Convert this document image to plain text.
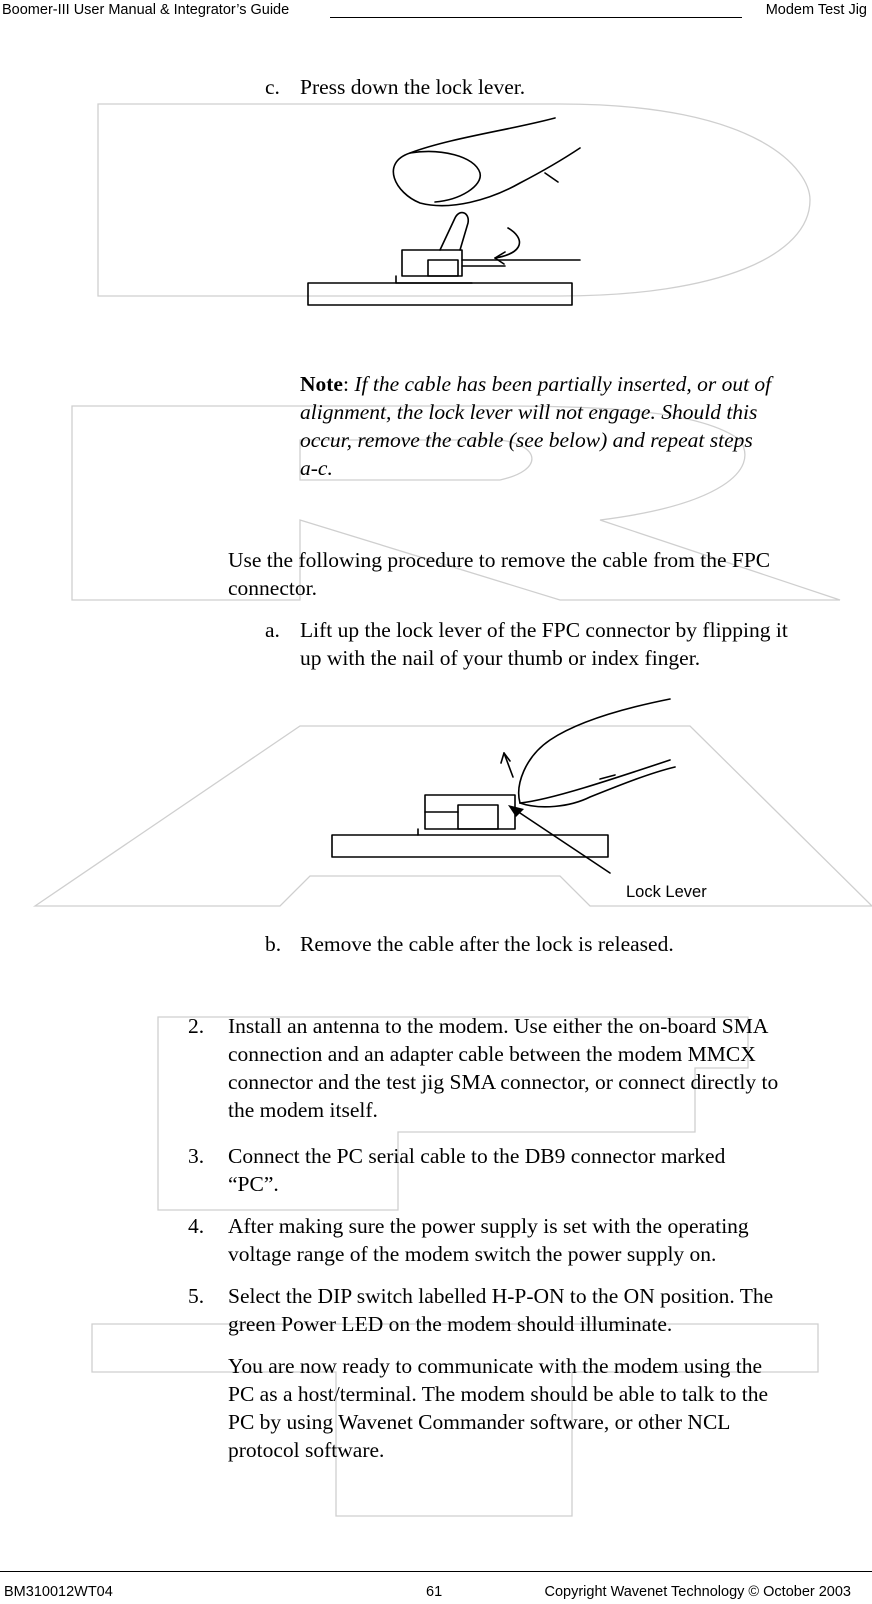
Boomer-III User Manual & Integrator’s Guide	Modem Test Jig
c. Press down the lock lever.
Note: If the cable has been partially inserted, or out of
alignment, the lock lever will not engage. Should this
occur, remove the cable (see below) and repeat steps
a-c.
Use the following procedure to remove the cable from the FPC
connector.
a. Lift up the lock lever of the FPC connector by flipping it
up with the nail of your thumb or index finger.
Lock Lever
b. Remove the cable after the lock is released.
2. Install an antenna to the modem. Use either the on-board SMA
connection and an adapter cable between the modem MMCX
connector and the test jig SMA connector, or connect directly to
the modem itself.
3. Connect the PC serial cable to the DB9 connector marked
“PC”.
4. After making sure the power supply is set with the operating
voltage range of the modem switch the power supply on.
5. Select the DIP switch labelled H-P-ON to the ON position. The
green Power LED on the modem should illuminate.
You are now ready to communicate with the modem using the
PC as a host/terminal. The modem should be able to talk to the
PC by using Wavenet Commander software, or other NCL
protocol software.
BM310012WT04	61	Copyright Wavenet Technology © October 2003
